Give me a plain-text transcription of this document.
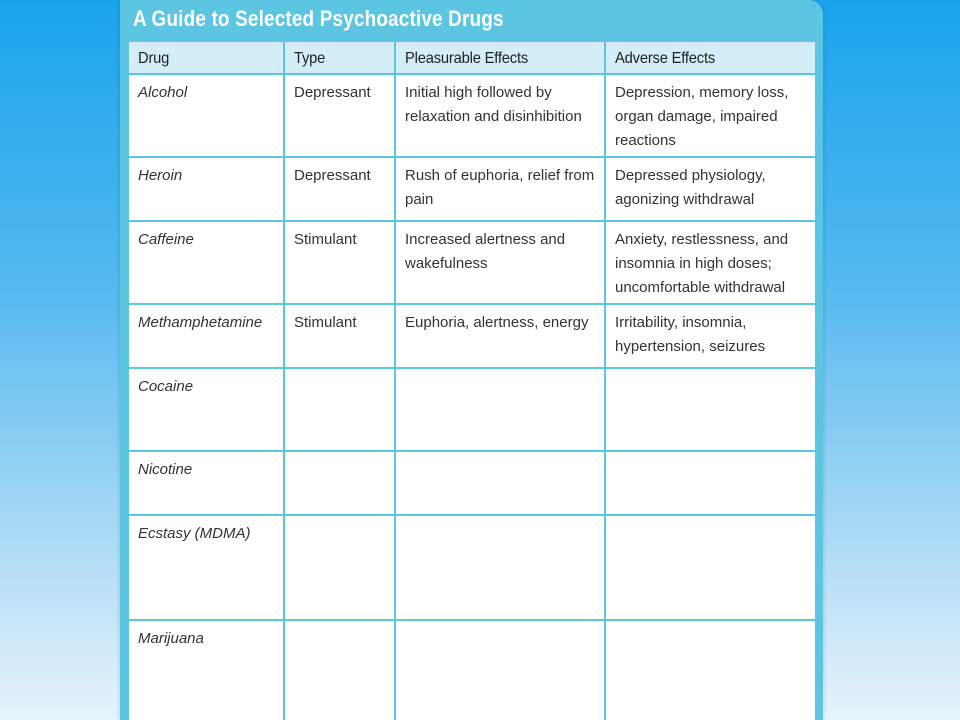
A Guide to Selected Psychoactive Drugs
Drug	Type	Pleasurable Effects	Adverse Effects
Alcohol	Depressant	Initial high followed by relaxation and disinhibition	Depression, memory loss, organ damage, impaired reactions
Heroin	Depressant	Rush of euphoria, relief from pain	Depressed physiology, agonizing withdrawal
Caffeine	Stimulant	Increased alertness and wakefulness	Anxiety, restlessness, and insomnia in high doses; uncomfortable withdrawal
Methamphetamine	Stimulant	Euphoria, alertness, energy	Irritability, insomnia, hypertension, seizures
Cocaine			
Nicotine			
Ecstasy (MDMA)			
Marijuana			
